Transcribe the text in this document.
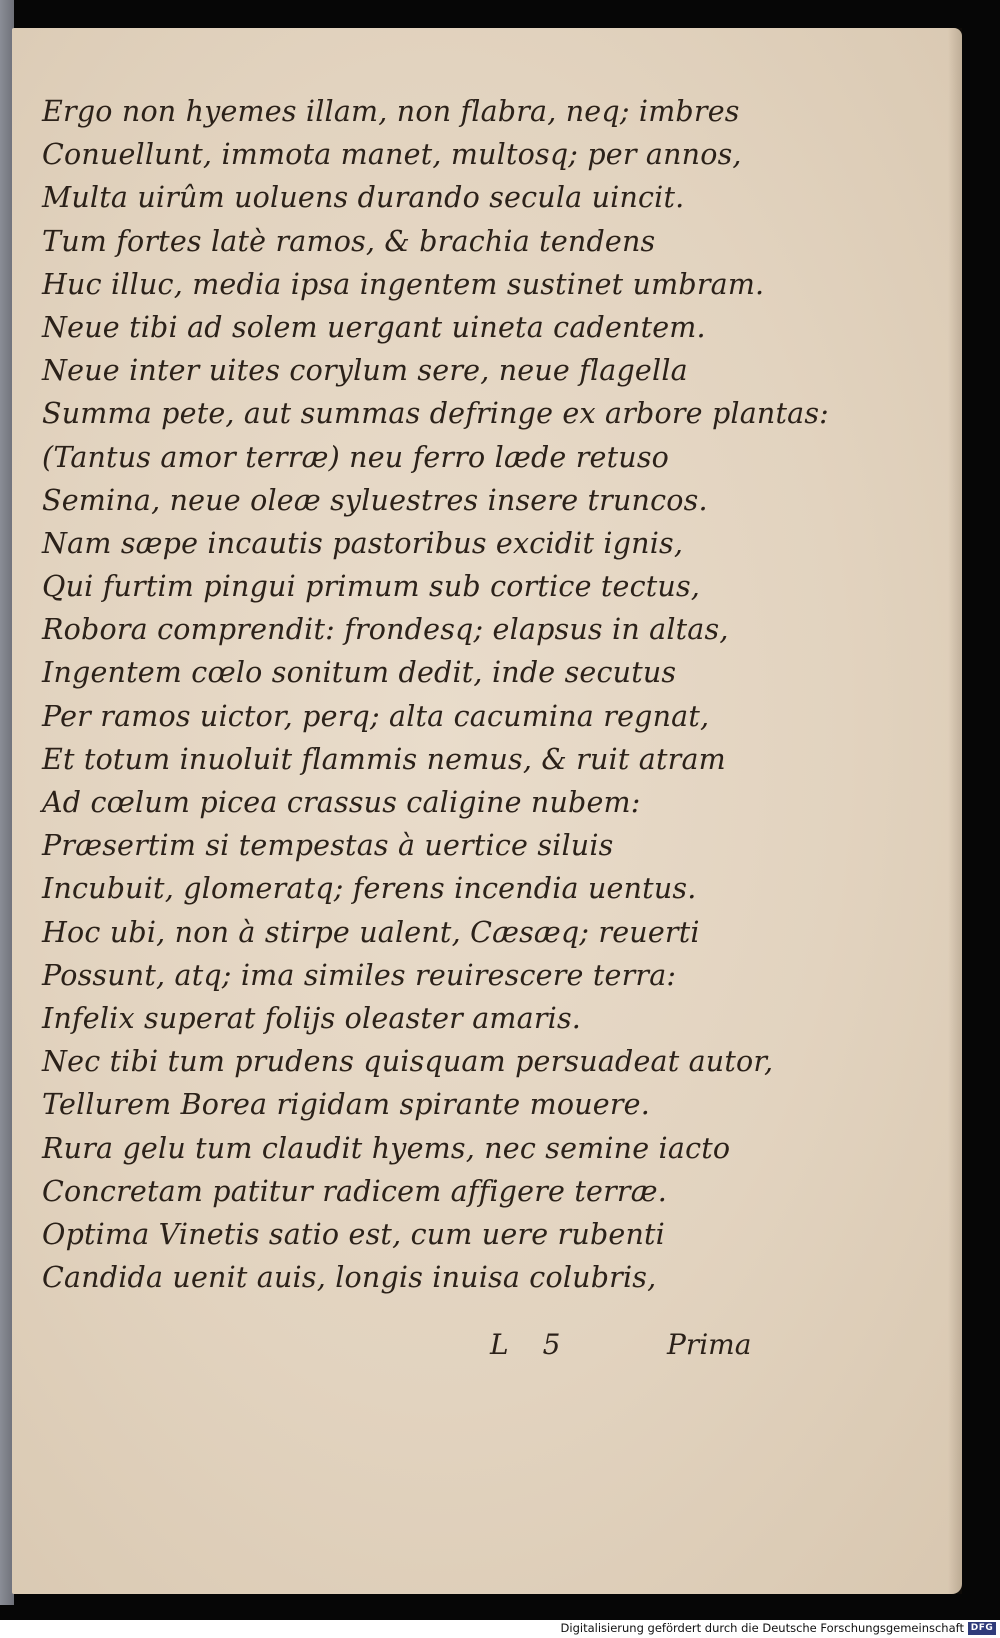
Ergo non hyemes illam, non flabra, neq; imbres
Conuellunt, immota manet, multosq; per annos,
Multa uirûm uoluens durando secula uincit.
Tum fortes latè ramos, & brachia tendens
Huc illuc, media ipsa ingentem sustinet umbram.
Neue tibi ad solem uergant uineta cadentem.
Neue inter uites corylum sere, neue flagella
Summa pete, aut summas defringe ex arbore plantas:
(Tantus amor terræ) neu ferro læde retuso
Semina, neue oleæ syluestres insere truncos.
Nam sæpe incautis pastoribus excidit ignis,
Qui furtim pingui primum sub cortice tectus,
Robora comprendit: frondesq; elapsus in altas,
Ingentem cœlo sonitum dedit, inde secutus
Per ramos uictor, perq; alta cacumina regnat,
Et totum inuoluit flammis nemus, & ruit atram
Ad cœlum picea crassus caligine nubem:
Præsertim si tempestas à uertice siluis
Incubuit, glomeratq; ferens incendia uentus.
Hoc ubi, non à stirpe ualent, Cæsæq; reuerti
Possunt, atq; ima similes reuirescere terra:
Infelix superat folijs oleaster amaris.
Nec tibi tum prudens quisquam persuadeat autor,
Tellurem Borea rigidam spirante mouere.
Rura gelu tum claudit hyems, nec semine iacto
Concretam patitur radicem affigere terræ.
Optima Vinetis satio est, cum uere rubenti
Candida uenit auis, longis inuisa colubris,
L 5	Prima
Digitalisierung gefördert durch die Deutsche Forschungsgemeinschaft DFG
